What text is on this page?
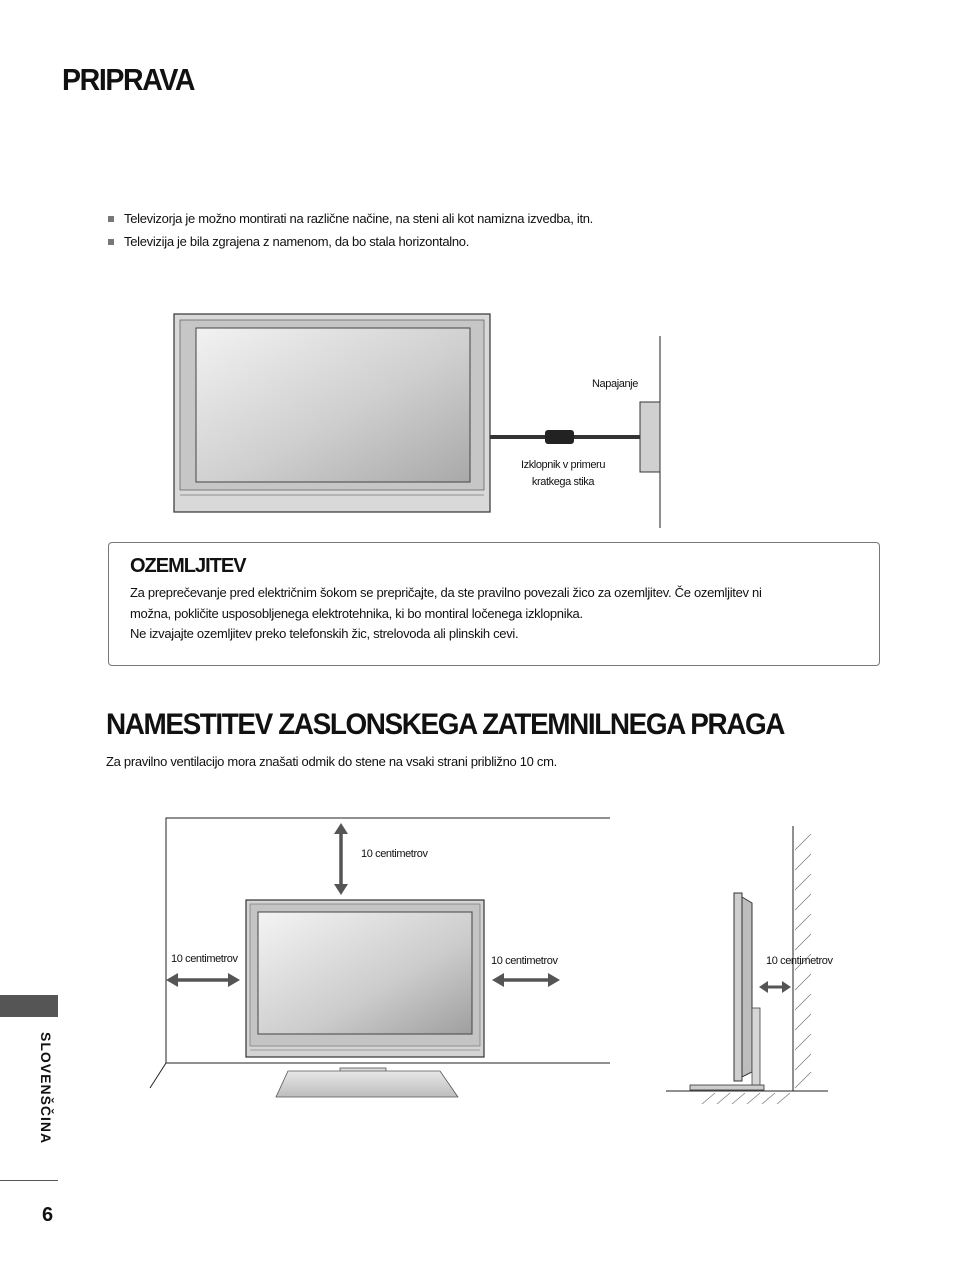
PRIPRAVA
Televizorja je možno montirati na različne načine, na steni ali kot namizna izvedba, itn.
Televizija je bila zgrajena z namenom, da bo stala horizontalno.
Napajanje
Izklopnik v primeru
kratkega stika
OZEMLJITEV
Za preprečevanje pred električnim šokom se prepričajte, da ste pravilno povezali žico za ozemljitev. Če ozemljitev ni
možna, pokličite usposobljenega elektrotehnika, ki bo montiral ločenega izklopnika.
Ne izvajajte ozemljitev preko telefonskih žic, strelovoda ali plinskih cevi.
NAMESTITEV ZASLONSKEGA ZATEMNILNEGA PRAGA
Za pravilno ventilacijo mora znašati odmik do stene na vsaki strani približno 10 cm.
10 centimetrov
10 centimetrov	10 centimetrov	10 centimetrov
SLOVENŠČINA
6
